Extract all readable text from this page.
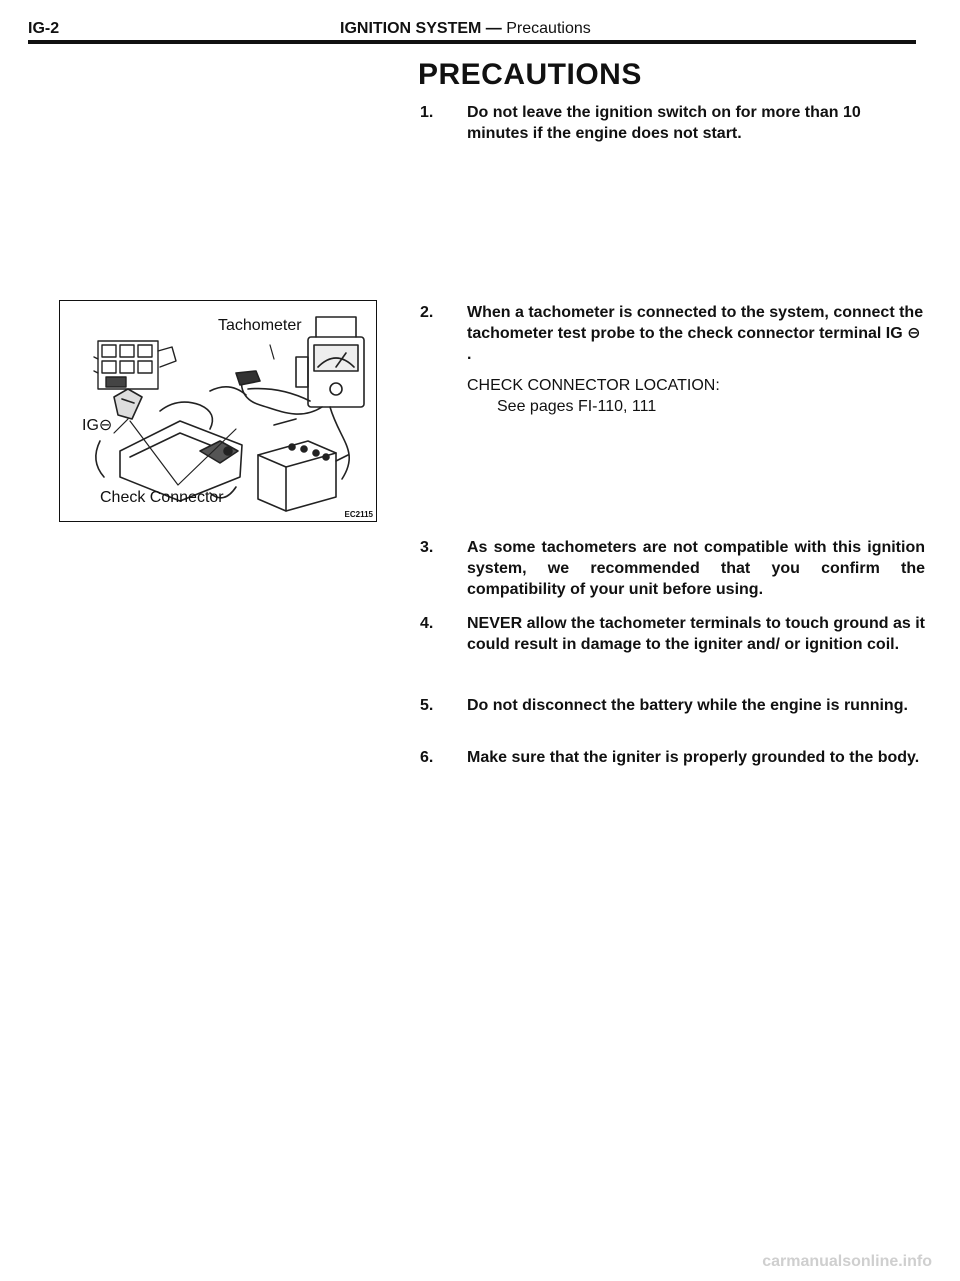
IG-2	IGNITION SYSTEM — Precautions
PRECAUTIONS
1.	Do not leave the ignition switch on for more than 10 minutes if the engine does not start.
2.	When a tachometer is connected to the system, connect the tachometer test probe to the check connector terminal IG ⊖ .
CHECK CONNECTOR LOCATION:
See pages FI-110, 111
3.	As some tachometers are not compatible with this ignition system, we recommended that you confirm the compatibility of your unit before using.
4.	NEVER allow the tachometer terminals to touch ground as it could result in damage to the igniter and/ or ignition coil.
5.	Do not disconnect the battery while the engine is running.
6.	Make sure that the igniter is properly grounded to the body.
Tachometer
IG⊖
Check Connector
EC2115
carmanualsonline.info
